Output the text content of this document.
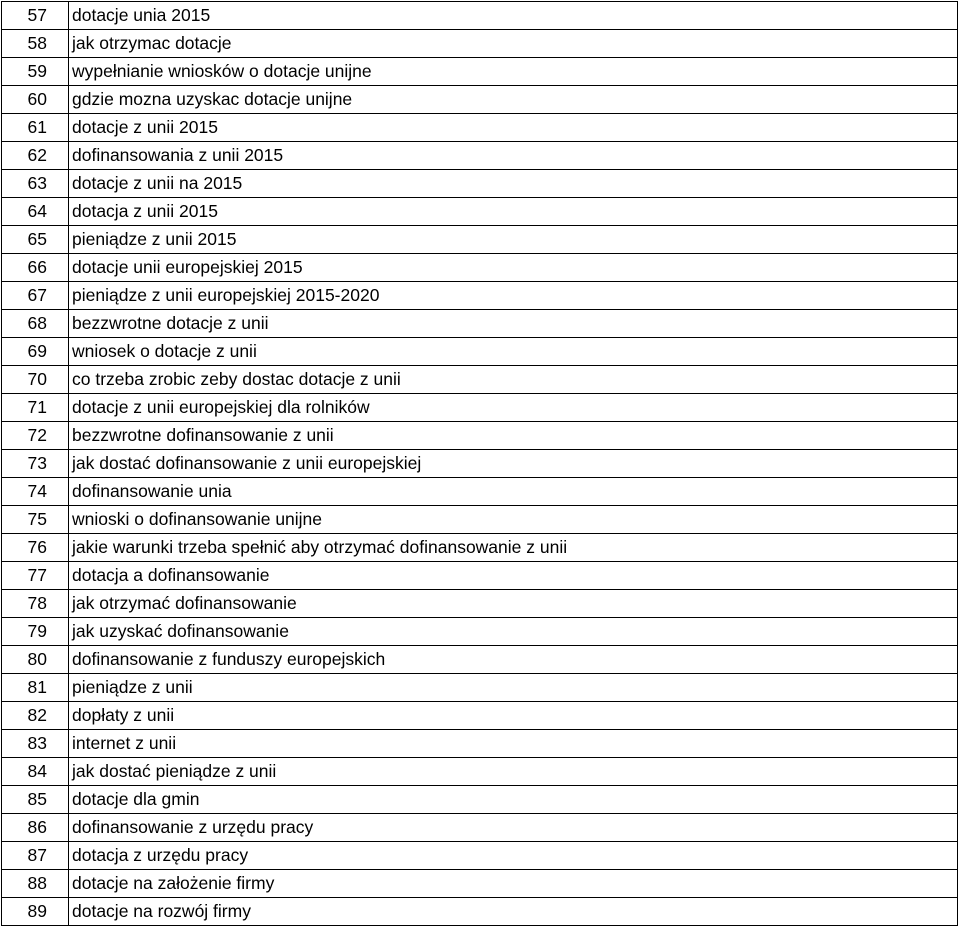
57	dotacje unia 2015
58	jak otrzymac dotacje
59	wypełnianie wniosków o dotacje unijne
60	gdzie mozna uzyskac dotacje unijne
61	dotacje z unii 2015
62	dofinansowania z unii 2015
63	dotacje z unii na 2015
64	dotacja z unii 2015
65	pieniądze z unii 2015
66	dotacje unii europejskiej 2015
67	pieniądze z unii europejskiej 2015-2020
68	bezzwrotne dotacje z unii
69	wniosek o dotacje z unii
70	co trzeba zrobic zeby dostac dotacje z unii
71	dotacje z unii europejskiej dla rolników
72	bezzwrotne dofinansowanie z unii
73	jak dostać dofinansowanie z unii europejskiej
74	dofinansowanie unia
75	wnioski o dofinansowanie unijne
76	jakie warunki trzeba spełnić aby otrzymać dofinansowanie z unii
77	dotacja a dofinansowanie
78	jak otrzymać dofinansowanie
79	jak uzyskać dofinansowanie
80	dofinansowanie z funduszy europejskich
81	pieniądze z unii
82	dopłaty z unii
83	internet z unii
84	jak dostać pieniądze z unii
85	dotacje dla gmin
86	dofinansowanie z urzędu pracy
87	dotacja z urzędu pracy
88	dotacje na założenie firmy
89	dotacje na rozwój firmy
